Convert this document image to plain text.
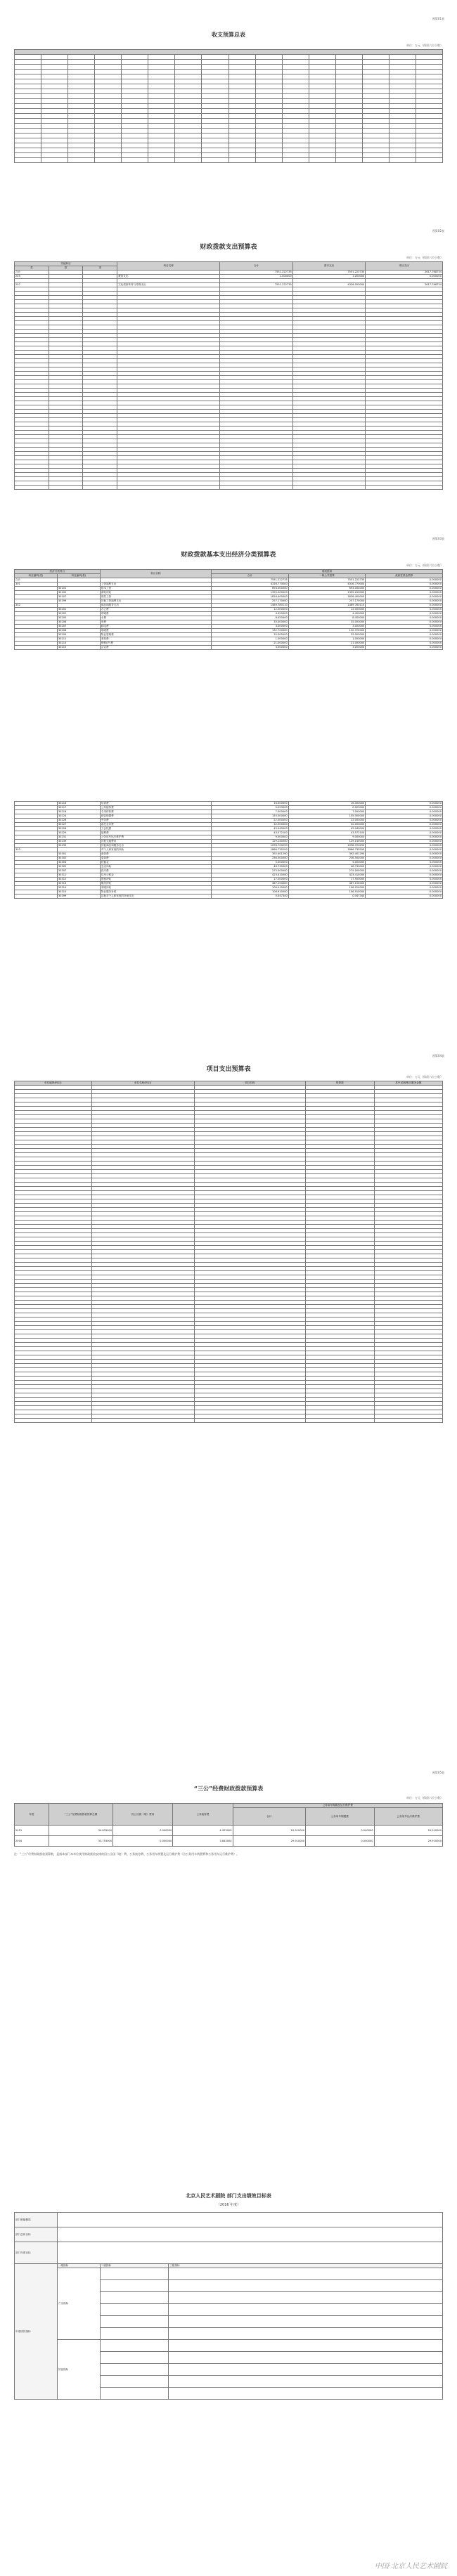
预算01表
收支预算总表
单位：万元（保留六位小数）

预算02表
财政拨款支出预算表
单位：万元（保留六位小数）
功能科目			科目名称	合计	基本支出	项目支出
类	款	项				
合计				7551.222735	7551.222735	2617.768734
205			教育支出	1.000000	1.000000	0.000000

207			文化旅游体育与传媒支出	7551.222735	4326.000000	2617.768734

预算03表
财政拨款基本支出经济分类预算表
单位：万元（保留六位小数）
经济分类科目		科目名称	财政拨款		
科目编码(类)	科目编码(款)		合计	一般公共预算	政府性基金预算
合计			7551.222735	7551.222735	0.000000
301		工资福利支出	4316.770000	4316.770000	0.000000
	30101	基本工资	693.000000	693.000000	0.000000
	30102	津贴补贴	1395.200000	1395.200000	0.000000
	30107	绩效工资	1826.400000	1826.400000	0.000000
	30199	其他工资福利支出	257.170000	257.170000	0.000000
302		商品和服务支出	1489.780110	1489.780110	0.000000
	30201	办公费	12.000000	12.000000	0.000000
	30202	印刷费	4.420000	4.420000	0.000000
	30205	水费	8.450000	8.450000	0.000000
	30206	电费	35.000000	35.000000	0.000000
	30207	邮电费	3.000000	3.000000	0.000000
	30208	取暖费	132.720000	132.720000	0.000000
	30209	物业管理费	35.000000	35.000000	0.000000
	30211	差旅费	1.000000	1.000000	0.000000
	30213	维修(护)费	21.000000	21.000000	0.000000
	30215	会议费	3.000000	3.000000	0.000000
	30216	培训费	16.300000	16.300000	0.000000
	30217	公务接待费	0.923000	0.923000	0.000000
	30218	专用材料费	7.000000	7.000000	0.000000
	30224	被装购置费	155.000000	155.000000	0.000000
	30226	劳务费	22.000000	22.000000	0.000000
	30227	委托业务费	32.000000	32.000000	0.000000
	30228	工会经费	45.940000	45.940000	0.000000
	30229	福利费	43.572100	43.572100	0.000000
	30231	公务用车运行维护费	9.000000	9.000000	0.000000
	30239	其他交通费用	129.140000	129.140000	0.000000
	30299	其他商品和服务支出	1096.720290	1096.720290	0.000000
303		对个人和家庭的补助	1866.730290	1866.730290	0.000000
	30301	离休费	392.401290	392.401290	0.000000
	30302	退休费	236.500000	236.500000	0.000000
	30304	抚恤金	5.000000	5.000000	0.000000
	30305	生活补助	48.730000	48.730000	0.000000
	30307	医疗费	275.000000	275.000000	0.000000
	30311	住房公积金	423.410000	423.410000	0.000000
	30312	提租补贴	17.500000	17.500000	0.000000
	30313	购房补贴	487.150000	487.150000	0.000000
	30314	采暖补贴	106.910000	106.910000	0.000000
	30315	物业服务补贴	106.910000	106.910000	0.000000
	30399	其他对个人和家庭的补助支出	0.047340	0.047340	0.000000
预算04表
项目支出预算表
单位：万元（保留六位小数）
单位编码(科目)	单位名称(科目)	项目名称	预算数	其中:政府购买服务金额

预算05表
“三公”经费财政拨款预算表
单位：万元（保留六位小数）
年度	“三公”经费财政拨款预算总额	因公出国（境）费用	公务接待费	公务用车购置及运行维护费		
				合计	公务用车购置费	公务用车运行维护费
2015	34.833000	0.000000	4.923000	29.910000	0.000000	29.910000
2016	33.753000	0.000000	3.843000	29.910000	0.000000	29.910000
注：“三公”经费财政拨款预算数，是指本部门本单位使用财政拨款安排的因公出国（境）费、公务接待费、公务用车购置及运行维护费（含公务用车购置费和公务用车运行维护费）。
北京人民艺术剧院 部门支出绩效目标表
（2016 年度）
部门职能概述			
部门总体目标			
部门年度目标			
年度绩效指标	一级指标	二级指标	三级指标
	产出指标		

	效益指标		

中国·北京人民艺术剧院
